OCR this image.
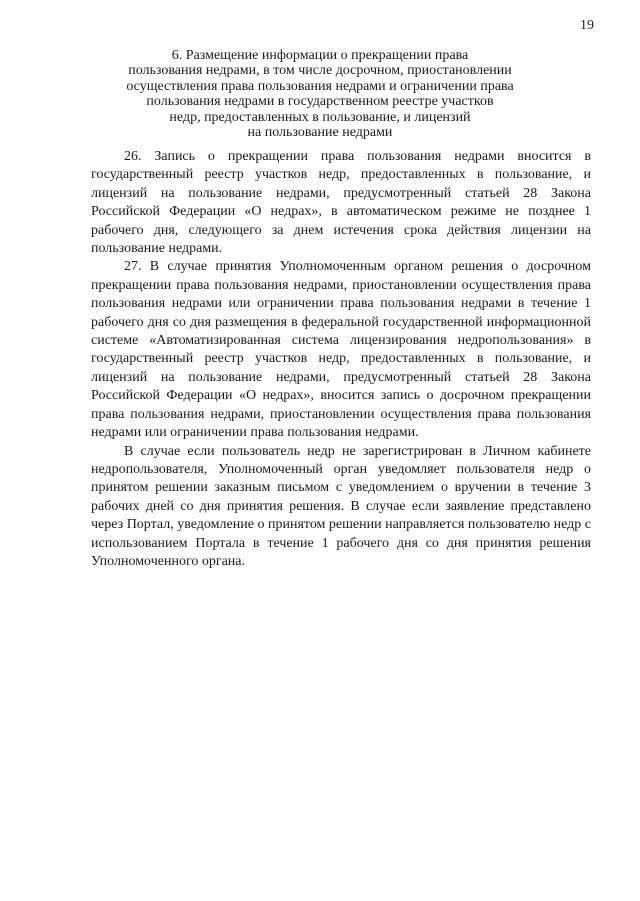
19
6. Размещение информации о прекращении права
пользования недрами, в том числе досрочном, приостановлении
осуществления права пользования недрами и ограничении права
пользования недрами в государственном реестре участков
недр, предоставленных в пользование, и лицензий
на пользование недрами

26. Запись о прекращении права пользования недрами вносится в государственный реестр участков недр, предоставленных в пользование, и лицензий на пользование недрами, предусмотренный статьей 28 Закона Российской Федерации «О недрах», в автоматическом режиме не позднее 1 рабочего дня, следующего за днем истечения срока действия лицензии на пользование недрами.

27. В случае принятия Уполномоченным органом решения о досрочном прекращении права пользования недрами, приостановлении осуществления права пользования недрами или ограничении права пользования недрами в течение 1 рабочего дня со дня размещения в федеральной государственной информационной системе «Автоматизированная система лицензирования недропользования» в государственный реестр участков недр, предоставленных в пользование, и лицензий на пользование недрами, предусмотренный статьей 28 Закона Российской Федерации «О недрах», вносится запись о досрочном прекращении права пользования недрами, приостановлении осуществления права пользования недрами или ограничении права пользования недрами.

В случае если пользователь недр не зарегистрирован в Личном кабинете недропользователя, Уполномоченный орган уведомляет пользователя недр о принятом решении заказным письмом с уведомлением о вручении в течение 3 рабочих дней со дня принятия решения. В случае если заявление представлено через Портал, уведомление о принятом решении направляется пользователю недр с использованием Портала в течение 1 рабочего дня со дня принятия решения Уполномоченного органа.
